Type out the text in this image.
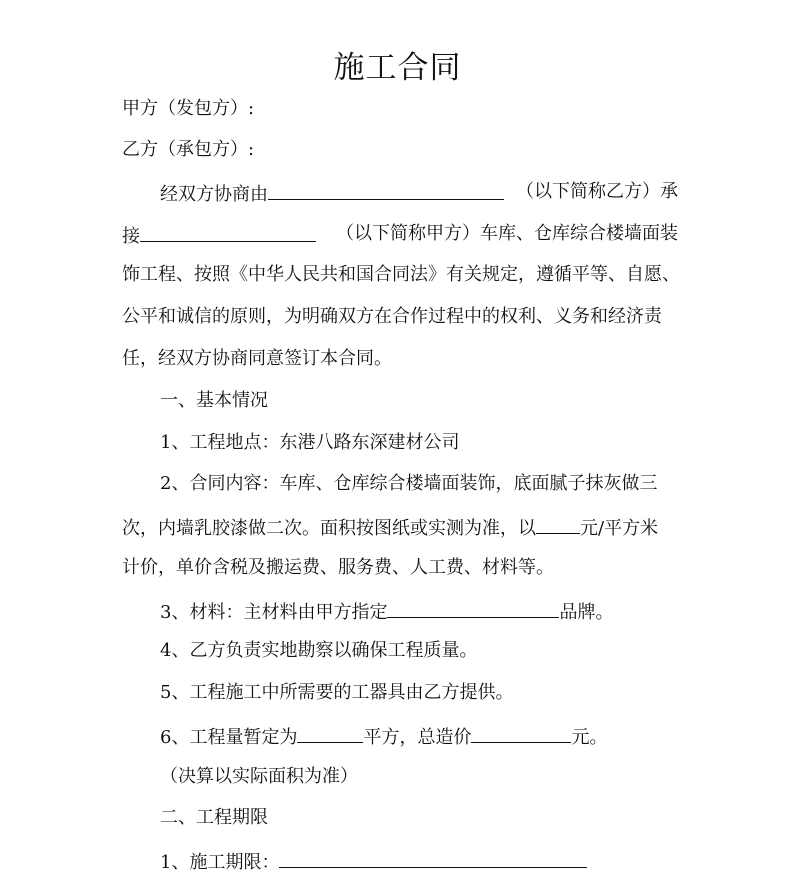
施工合同
甲方（发包方）:
乙方（承包方）:
经双方协商由	（以下简称乙方）承
接	（以下简称甲方）车库、仓库综合楼墙面装
饰工程、按照《中华人民共和国合同法》有关规定，遵循平等、自愿、
公平和诚信的原则，为明确双方在合作过程中的权利、义务和经济责
任，经双方协商同意签订本合同。
一、基本情况
1、工程地点：东港八路东深建材公司
2、合同内容：车库、仓库综合楼墙面装饰，底面腻子抹灰做三
次，内墙乳胶漆做二次。面积按图纸或实测为准，以 元/平方米
计价，单价含税及搬运费、服务费、人工费、材料等。
3、材料：主材料由甲方指定	品牌。
4、乙方负责实地勘察以确保工程质量。
5、工程施工中所需要的工器具由乙方提供。
6、工程量暂定为	平方，总造价	元。
（决算以实际面积为准）
二、工程期限
1、施工期限：
